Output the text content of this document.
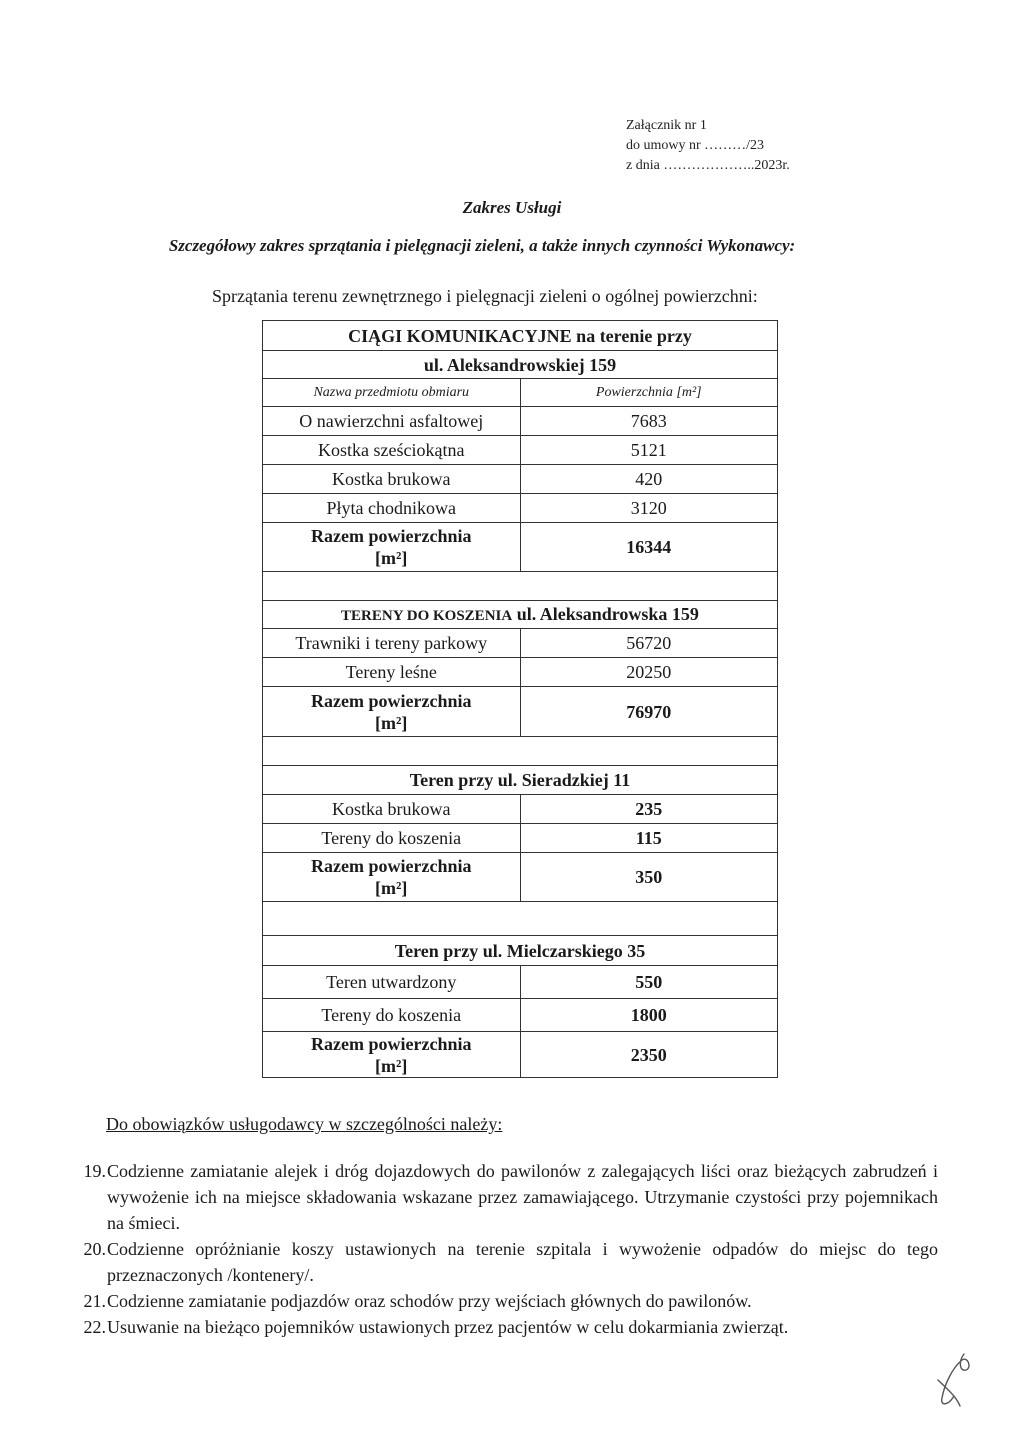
Załącznik nr 1
do umowy nr ………/23
z dnia ………………..2023r.
Zakres Usługi
Szczegółowy zakres sprzątania i pielęgnacji zieleni, a także innych czynności Wykonawcy:
Sprzątania terenu zewnętrznego i pielęgnacji zieleni o ogólnej powierzchni:
CIĄGI KOMUNIKACYJNE na terenie przy	
ul. Aleksandrowskiej 159	
Nazwa przedmiotu obmiaru	Powierzchnia [m²]
O nawierzchni asfaltowej	7683
Kostka sześciokątna	5121
Kostka brukowa	420
Płyta chodnikowa	3120

Razem powierzchnia
[m²]	16344

TERENY DO KOSZENIA ul. Aleksandrowska 159	
Trawniki i tereny parkowy	56720
Tereny leśne	20250

Razem powierzchnia
[m²]	76970

Teren przy ul. Sieradzkiej 11	
Kostka brukowa	235
Tereny do koszenia	115

Razem powierzchnia
[m²]	350

Teren przy ul. Mielczarskiego 35	
Teren utwardzony	550
Tereny do koszenia	1800

Razem powierzchnia
[m²]	2350
Do obowiązków usługodawcy w szczególności należy:
19. Codzienne zamiatanie alejek i dróg dojazdowych do pawilonów z zalegających liści oraz bieżących zabrudzeń i wywożenie ich na miejsce składowania wskazane przez zamawiającego. Utrzymanie czystości przy pojemnikach na śmieci.
20. Codzienne opróżnianie koszy ustawionych na terenie szpitala i wywożenie odpadów do miejsc do tego przeznaczonych /kontenery/.
21. Codzienne zamiatanie podjazdów oraz schodów przy wejściach głównych do pawilonów.
22. Usuwanie na bieżąco pojemników ustawionych przez pacjentów w celu dokarmiania zwierząt.
